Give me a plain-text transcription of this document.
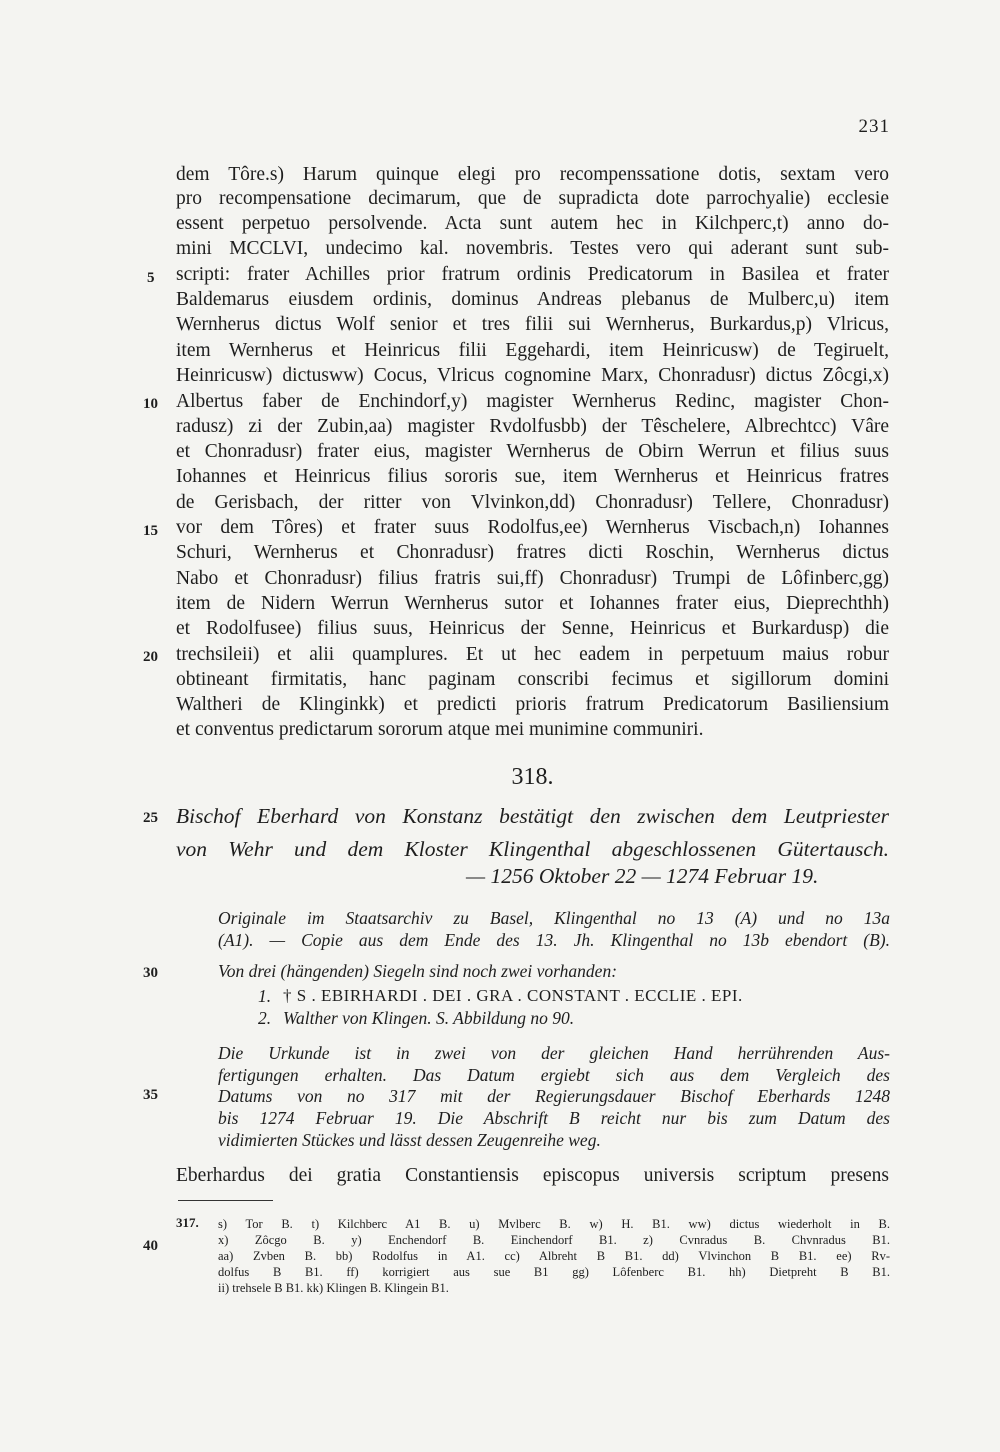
231
dem Tôre.s) Harum quinque elegi pro recompenssatione dotis, sextam vero
pro recompensatione decimarum, que de supradicta dote parrochyalie) ecclesie
essent perpetuo persolvende. Acta sunt autem hec in Kilchperc,t) anno do-
mini MCCLVI, undecimo kal. novembris. Testes vero qui aderant sunt sub-
scripti: frater Achilles prior fratrum ordinis Predicatorum in Basilea et frater
Baldemarus eiusdem ordinis, dominus Andreas plebanus de Mulberc,u) item
Wernherus dictus Wolf senior et tres filii sui Wernherus, Burkardus,p) Vlricus,
item Wernherus et Heinricus filii Eggehardi, item Heinricusw) de Tegiruelt,
Heinricusw) dictusww) Cocus, Vlricus cognomine Marx, Chonradusr) dictus Zôcgi,x)
Albertus faber de Enchindorf,y) magister Wernherus Redinc, magister Chon-
radusz) zi der Zubin,aa) magister Rvdolfusbb) der Têschelere, Albrechtcc) Vâre
et Chonradusr) frater eius, magister Wernherus de Obirn Werrun et filius suus
Iohannes et Heinricus filius sororis sue, item Wernherus et Heinricus fratres
de Gerisbach, der ritter von Vlvinkon,dd) Chonradusr) Tellere, Chonradusr)
vor dem Tôres) et frater suus Rodolfus,ee) Wernherus Viscbach,n) Iohannes
Schuri, Wernherus et Chonradusr) fratres dicti Roschin, Wernherus dictus
Nabo et Chonradusr) filius fratris sui,ff) Chonradusr) Trumpi de Lôfinberc,gg)
item de Nidern Werrun Wernherus sutor et Iohannes frater eius, Dieprechthh)
et Rodolfusee) filius suus, Heinricus der Senne, Heinricus et Burkardusp) die
trechsileii) et alii quamplures. Et ut hec eadem in perpetuum maius robur
obtineant firmitatis, hanc paginam conscribi fecimus et sigillorum domini
Waltheri de Klinginkk) et predicti prioris fratrum Predicatorum Basiliensium
et conventus predictarum sororum atque mei munimine communiri.
5
10
15
20
25
30
35
40
318.
Bischof Eberhard von Konstanz bestätigt den zwischen dem Leutpriester
von Wehr und dem Kloster Klingenthal abgeschlossenen Gütertausch.
— 1256 Oktober 22 — 1274 Februar 19.
Originale im Staatsarchiv zu Basel, Klingenthal no 13 (A) und no 13a
(A1). — Copie aus dem Ende des 13. Jh. Klingenthal no 13b ebendort (B).
Von drei (hängenden) Siegeln sind noch zwei vorhanden:
1. † S . EBIRHARDI . DEI . GRA . CONSTANT . ECCLIE . EPI.
2. Walther von Klingen. S. Abbildung no 90.
Die Urkunde ist in zwei von der gleichen Hand herrührenden Aus-
fertigungen erhalten. Das Datum ergiebt sich aus dem Vergleich des
Datums von no 317 mit der Regierungsdauer Bischof Eberhards 1248
bis 1274 Februar 19. Die Abschrift B reicht nur bis zum Datum des
vidimierten Stückes und lässt dessen Zeugenreihe weg.
Eberhardus dei gratia Constantiensis episcopus universis scriptum presens
317. s) Tor B. t) Kilchberc A1 B. u) Mvlberc B. w) H. B1. ww) dictus wiederholt in B.
x) Zôcgo B. y) Enchendorf B. Einchendorf B1. z) Cvnradus B. Chvnradus B1.
aa) Zvben B. bb) Rodolfus in A1. cc) Albreht B B1. dd) Vlvinchon B B1. ee) Rv-
dolfus B B1. ff) korrigiert aus sue B1 gg) Lôfenberc B1. hh) Dietpreht B B1.
ii) trehsele B B1. kk) Klingen B. Klingein B1.
